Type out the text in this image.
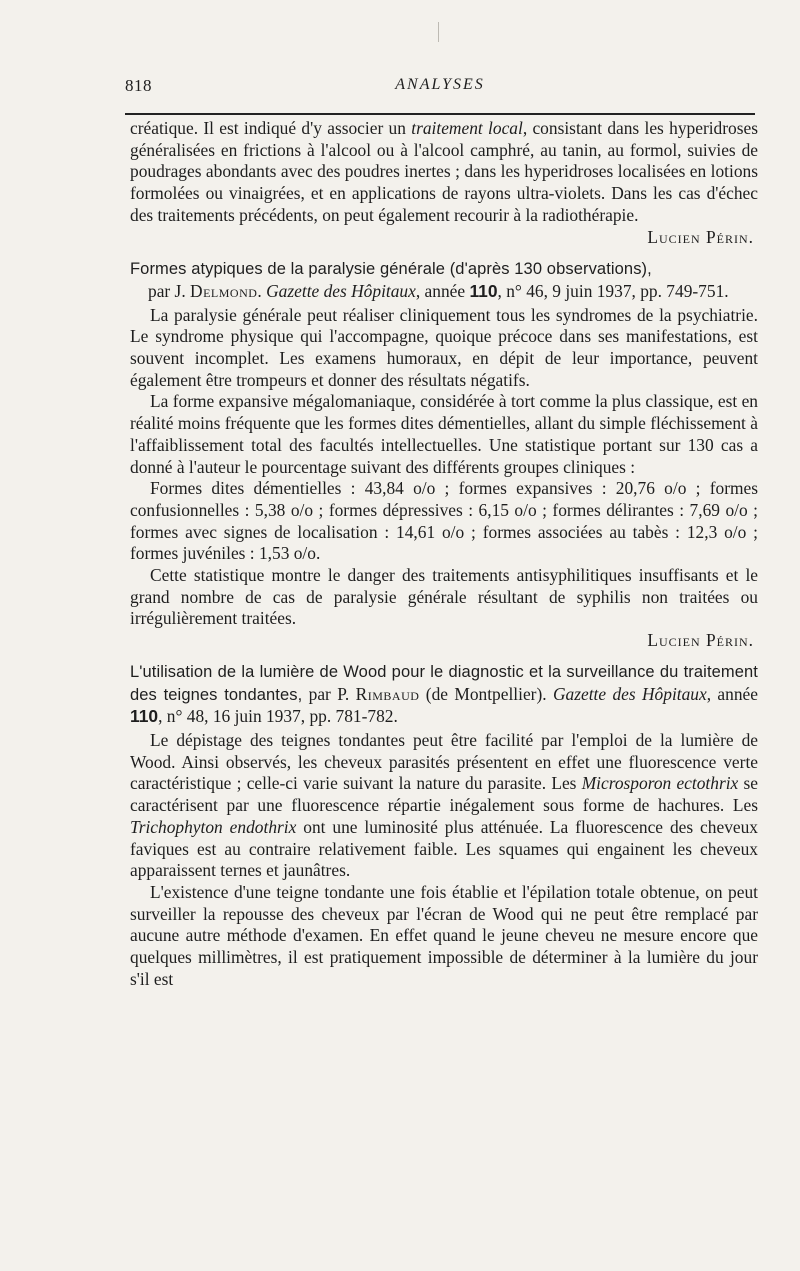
818	ANALYSES

créatique. Il est indiqué d'y associer un traitement local, consistant dans les hyperidroses généralisées en frictions à l'alcool ou à l'alcool camphré, au tanin, au formol, suivies de poudrages abondants avec des poudres inertes ; dans les hyperidroses localisées en lotions formolées ou vinaigrées, et en applications de rayons ultra-violets. Dans les cas d'échec des traitements précédents, on peut également recourir à la radiothérapie.

Lucien Périn.
Formes atypiques de la paralysie générale (d'après 130 observations),
par J. Delmond. Gazette des Hôpitaux, année 110, n° 46, 9 juin 1937, pp. 749-751.

La paralysie générale peut réaliser cliniquement tous les syndromes de la psychiatrie. Le syndrome physique qui l'accompagne, quoique précoce dans ses manifestations, est souvent incomplet. Les examens humoraux, en dépit de leur importance, peuvent également être trompeurs et donner des résultats négatifs.

La forme expansive mégalomaniaque, considérée à tort comme la plus classique, est en réalité moins fréquente que les formes dites démentielles, allant du simple fléchissement à l'affaiblissement total des facultés intellectuelles. Une statistique portant sur 130 cas a donné à l'auteur le pourcentage suivant des différents groupes cliniques :

Formes dites démentielles : 43,84 o/o ; formes expansives : 20,76 o/o ; formes confusionnelles : 5,38 o/o ; formes dépressives : 6,15 o/o ; formes délirantes : 7,69 o/o ; formes avec signes de localisation : 14,61 o/o ; formes associées au tabès : 12,3 o/o ; formes juvéniles : 1,53 o/o.

Cette statistique montre le danger des traitements antisyphilitiques insuffisants et le grand nombre de cas de paralysie générale résultant de syphilis non traitées ou irrégulièrement traitées.

Lucien Périn.
L'utilisation de la lumière de Wood pour le diagnostic et la surveillance du traitement des teignes tondantes, par P. Rimbaud (de Montpellier). Gazette des Hôpitaux, année 110, n° 48, 16 juin 1937, pp. 781-782.

Le dépistage des teignes tondantes peut être facilité par l'emploi de la lumière de Wood. Ainsi observés, les cheveux parasités présentent en effet une fluorescence verte caractéristique ; celle-ci varie suivant la nature du parasite. Les Microsporon ectothrix se caractérisent par une fluorescence répartie inégalement sous forme de hachures. Les Trichophyton endothrix ont une luminosité plus atténuée. La fluorescence des cheveux faviques est au contraire relativement faible. Les squames qui engainent les cheveux apparaissent ternes et jaunâtres.

L'existence d'une teigne tondante une fois établie et l'épilation totale obtenue, on peut surveiller la repousse des cheveux par l'écran de Wood qui ne peut être remplacé par aucune autre méthode d'examen. En effet quand le jeune cheveu ne mesure encore que quelques millimètres, il est pratiquement impossible de déterminer à la lumière du jour s'il est
